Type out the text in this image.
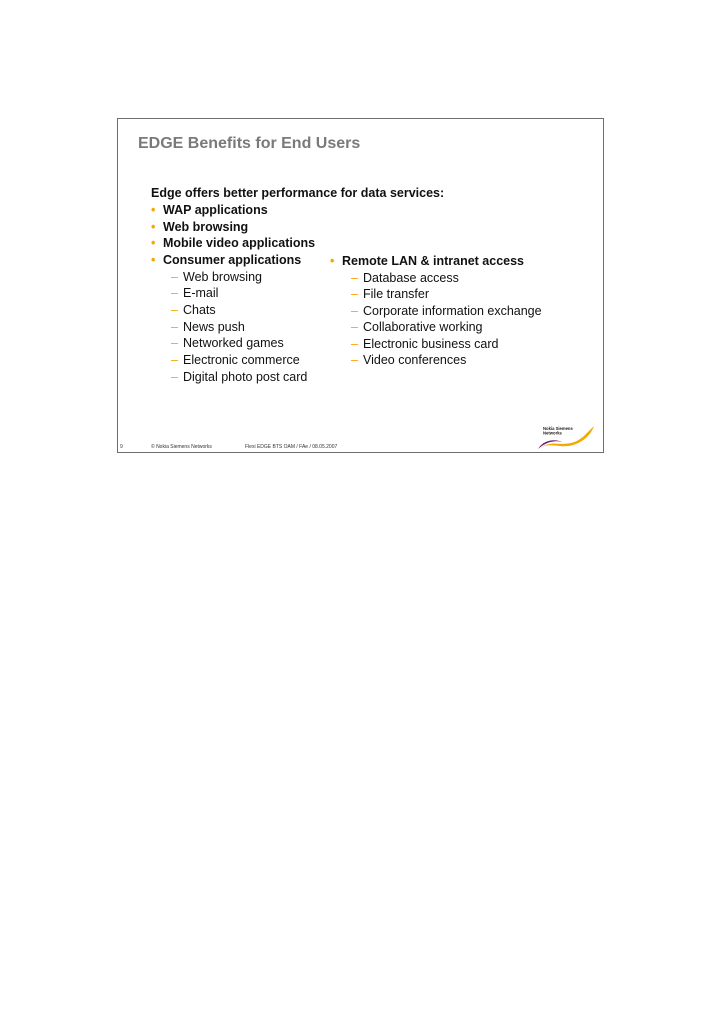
EDGE Benefits for End Users
Edge offers better performance for data services:
• WAP applications
• Web browsing
• Mobile video applications
• Consumer applications
– Web browsing
– E-mail
– Chats
– News push
– Networked games
– Electronic commerce
– Digital photo post card
• Remote LAN & intranet access
– Database access
– File transfer
– Corporate information exchange
– Collaborative working
– Electronic business card
– Video conferences
9	© Nokia Siemens Networks	Flexi EDGE BTS OAM / FAe / 08.05.2007
Nokia Siemens
Networks
